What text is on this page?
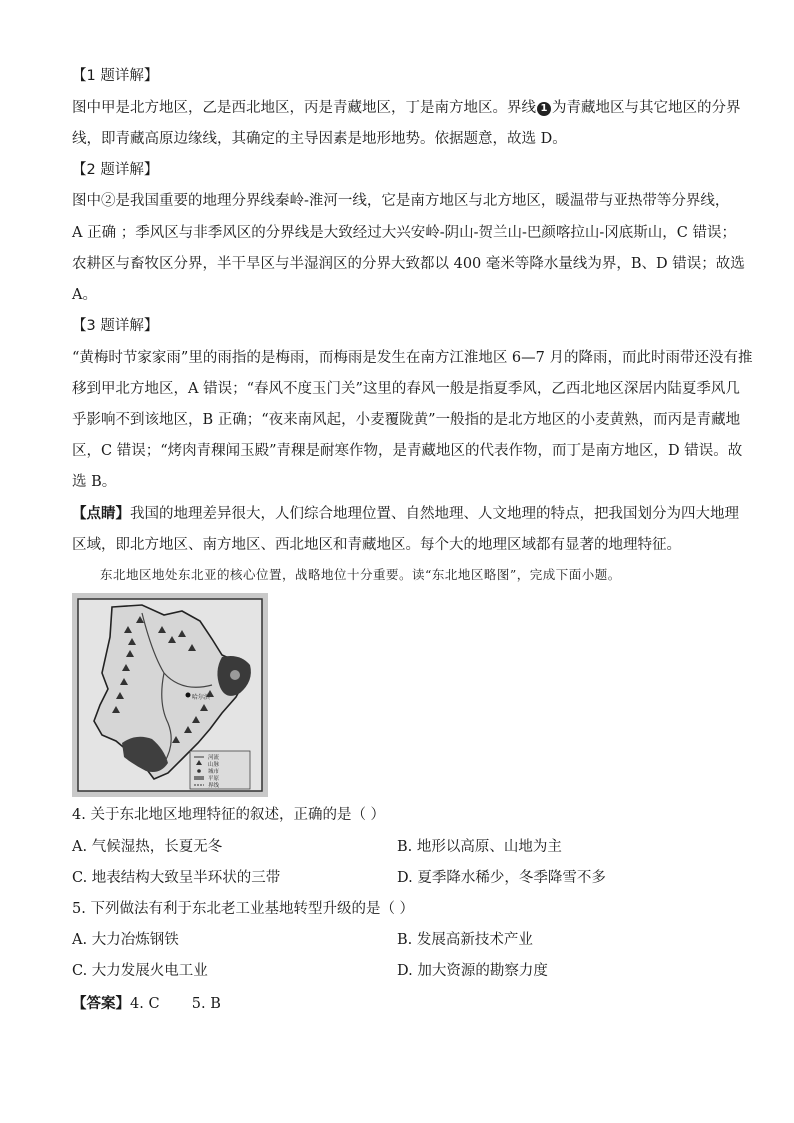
【1 题详解】
图中甲是北方地区，乙是西北地区，丙是青藏地区，丁是南方地区。界线 1 为青藏地区与其它地区的分界
线，即青藏高原边缘线，其确定的主导因素是地形地势。依据题意，故选 D。
【2 题详解】
图中②是我国重要的地理分界线秦岭-淮河一线，它是南方地区与北方地区，暖温带与亚热带等分界线，
A 正确 ；季风区与非季风区的分界线是大致经过大兴安岭-阴山-贺兰山-巴颜喀拉山-冈底斯山，C 错误；
农耕区与畜牧区分界，半干旱区与半湿润区的分界大致都以 400 毫米等降水量线为界，B、D 错误；故选
A。
【3 题详解】
“黄梅时节家家雨”里的雨指的是梅雨，而梅雨是发生在南方江淮地区 6—7 月的降雨，而此时雨带还没有推
移到甲北方地区，A 错误；“春风不度玉门关”这里的春风一般是指夏季风，乙西北地区深居内陆夏季风几
乎影响不到该地区，B 正确；“夜来南风起，小麦覆陇黄”一般指的是北方地区的小麦黄熟，而丙是青藏地
区，C 错误；“烤肉青稞闻玉殿”青稞是耐寒作物，是青藏地区的代表作物，而丁是南方地区，D 错误。故
选 B。
【点睛】我国的地理差异很大，人们综合地理位置、自然地理、人文地理的特点，把我国划分为四大地理
区域，即北方地区、南方地区、西北地区和青藏地区。每个大的地理区域都有显著的地理特征。
东北地区地处东北亚的核心位置，战略地位十分重要。读“东北地区略图”，完成下面小题。
哈尔滨
河流
山脉
城市
平原
界线
4. 关于东北地区地理特征的叙述，正确的是（ ）
A. 气候湿热，长夏无冬	B. 地形以高原、山地为主
C. 地表结构大致呈半环状的三带	D. 夏季降水稀少，冬季降雪不多
5. 下列做法有利于东北老工业基地转型升级的是（ ）
A. 大力冶炼钢铁	B. 发展高新技术产业
C. 大力发展火电工业	D. 加大资源的勘察力度
【答案】4. C       5. B
